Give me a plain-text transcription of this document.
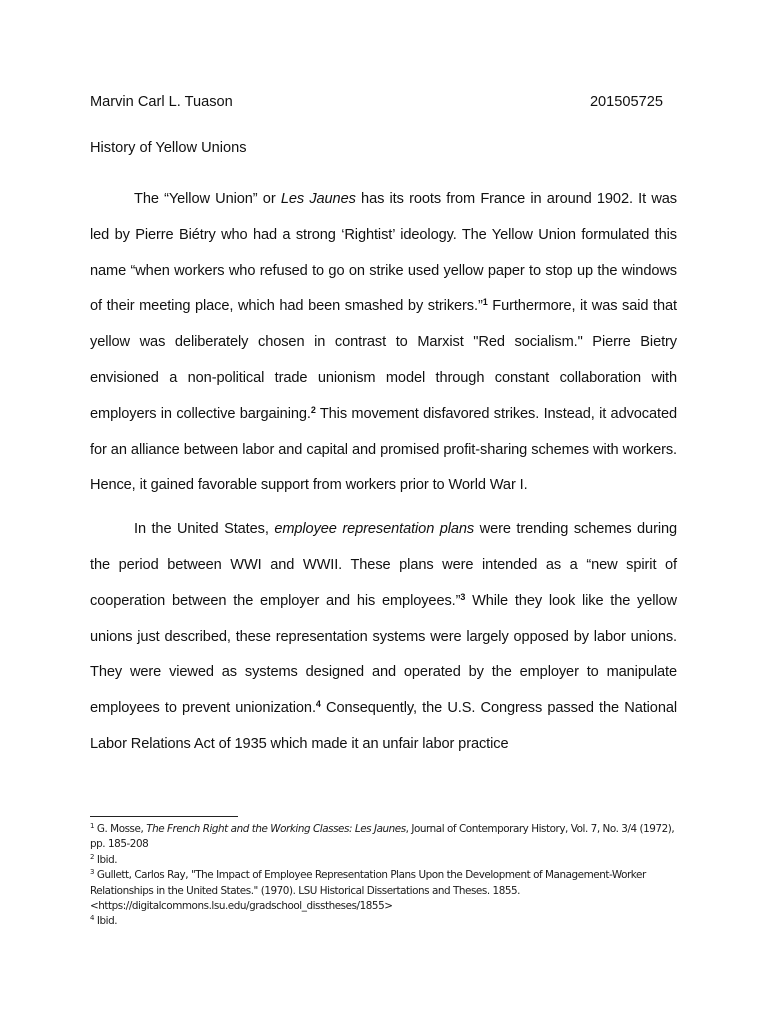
Marvin Carl L. Tuason	201505725
History of Yellow Unions

The “Yellow Union” or Les Jaunes has its roots from France in around 1902. It was led by Pierre Biétry who had a strong ‘Rightist’ ideology. The Yellow Union formulated this name “when workers who refused to go on strike used yellow paper to stop up the windows of their meeting place, which had been smashed by strikers.”$^1$ Furthermore, it was said that yellow was deliberately chosen in contrast to Marxist "Red socialism." Pierre Bietry envisioned a non-political trade unionism model through constant collaboration with employers in collective bargaining.$^2$ This movement disfavored strikes. Instead, it advocated for an alliance between labor and capital and promised profit-sharing schemes with workers. Hence, it gained favorable support from workers prior to World War I.

In the United States, employee representation plans were trending schemes during the period between WWI and WWII. These plans were intended as a “new spirit of cooperation between the employer and his employees.”$^3$ While they look like the yellow unions just described, these representation systems were largely opposed by labor unions. They were viewed as systems designed and operated by the employer to manipulate employees to prevent unionization.$^4$ Consequently, the U.S. Congress passed the National Labor Relations Act of 1935 which made it an unfair labor practice

$^1$ G. Mosse, The French Right and the Working Classes: Les Jaunes, Journal of Contemporary History, Vol. 7, No. 3/4 (1972), pp. 185-208

$^2$ Ibid.

$^3$ Gullett, Carlos Ray, "The Impact of Employee Representation Plans Upon the Development of Management-Worker Relationships in the United States." (1970). LSU Historical Dissertations and Theses. 1855. <https://digitalcommons.lsu.edu/gradschool_disstheses/1855>

$^4$ Ibid.
